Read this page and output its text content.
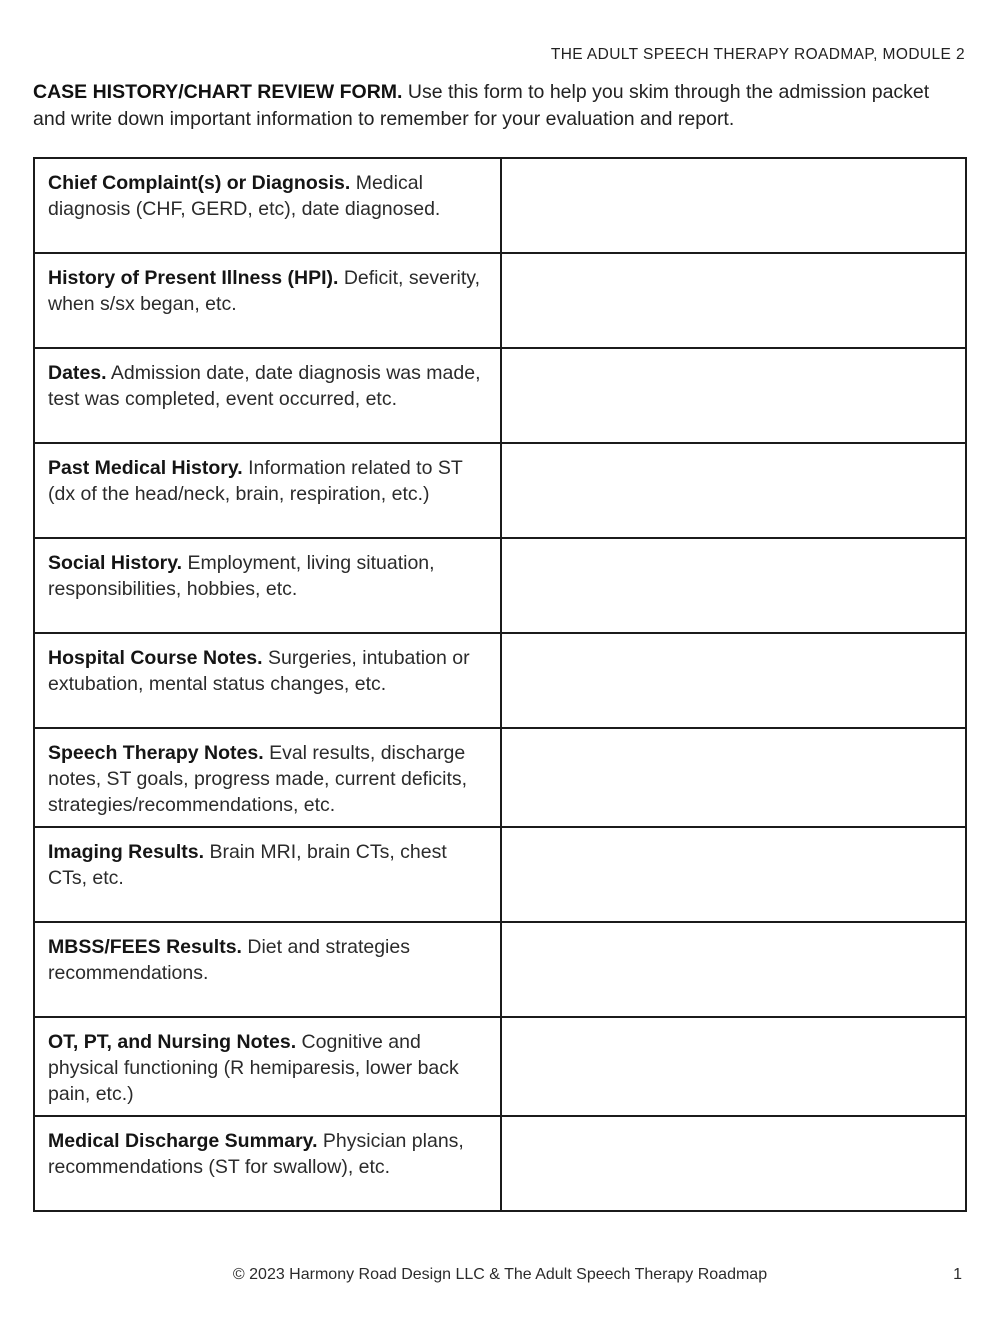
THE ADULT SPEECH THERAPY ROADMAP, MODULE 2
CASE HISTORY/CHART REVIEW FORM. Use this form to help you skim through the admission packet and write down important information to remember for your evaluation and report.
Chief Complaint(s) or Diagnosis. Medical diagnosis (CHF, GERD, etc), date diagnosed.	
History of Present Illness (HPI). Deficit, severity, when s/sx began, etc.	
Dates. Admission date, date diagnosis was made, test was completed, event occurred, etc.	
Past Medical History. Information related to ST (dx of the head/neck, brain, respiration, etc.)	
Social History. Employment, living situation, responsibilities, hobbies, etc.	
Hospital Course Notes. Surgeries, intubation or extubation, mental status changes, etc.	
Speech Therapy Notes. Eval results, discharge notes, ST goals, progress made, current deficits, strategies/recommendations, etc.	
Imaging Results. Brain MRI, brain CTs, chest CTs, etc.	
MBSS/FEES Results. Diet and strategies recommendations.	
OT, PT, and Nursing Notes. Cognitive and physical functioning (R hemiparesis, lower back pain, etc.)	
Medical Discharge Summary. Physician plans, recommendations (ST for swallow), etc.	
© 2023 Harmony Road Design LLC & The Adult Speech Therapy Roadmap	1
